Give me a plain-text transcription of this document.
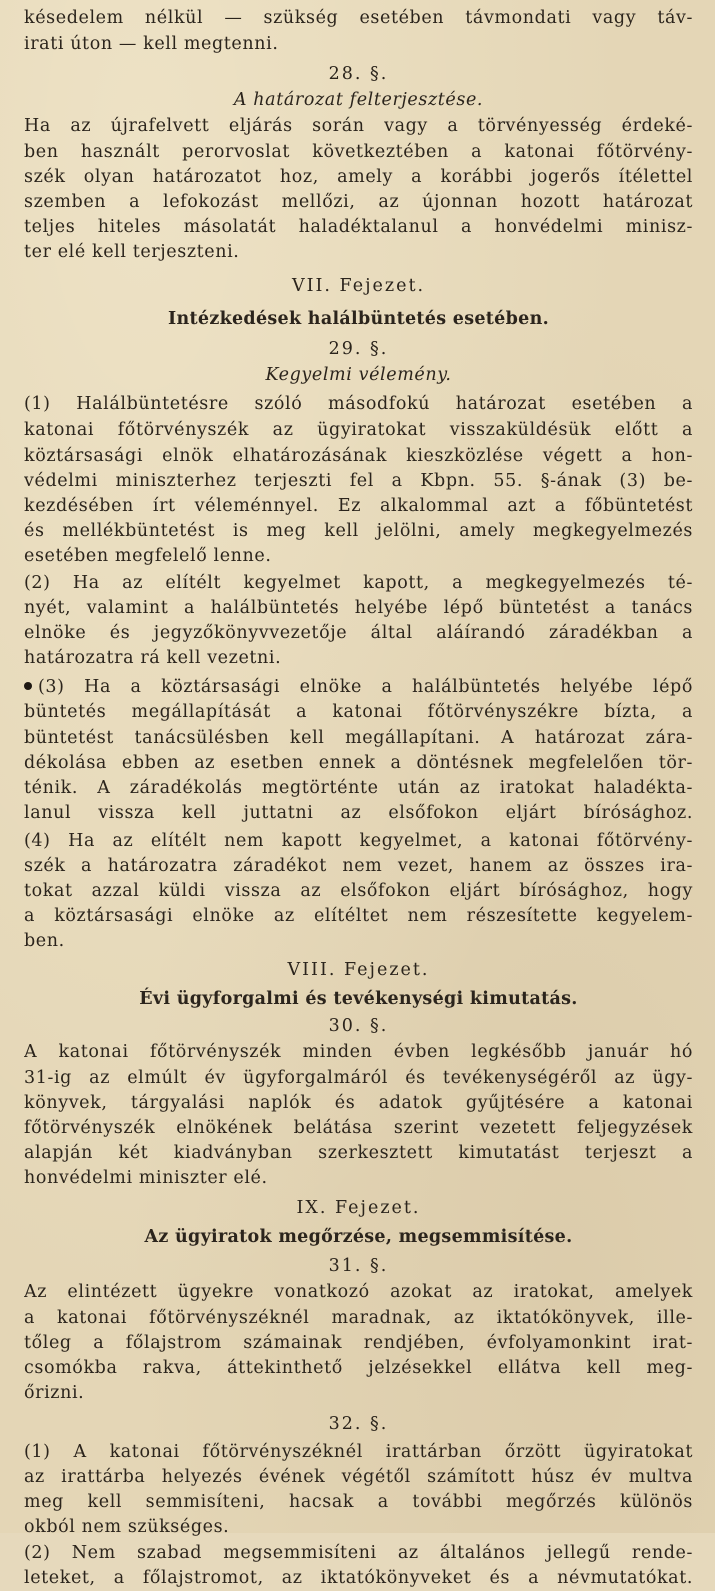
késedelem nélkül — szükség esetében távmondati vagy táv-
irati úton — kell megtenni.
28. §.
A határozat felterjesztése.
Ha az újrafelvett eljárás során vagy a törvényesség érdeké-
ben használt perorvoslat következtében a katonai főtörvény-
szék olyan határozatot hoz, amely a korábbi jogerős ítélettel
szemben a lefokozást mellőzi, az újonnan hozott határozat
teljes hiteles másolatát haladéktalanul a honvédelmi minisz-
ter elé kell terjeszteni.
VII. Fejezet.
Intézkedések halálbüntetés esetében.
29. §.
Kegyelmi vélemény.
(1) Halálbüntetésre szóló másodfokú határozat esetében a
katonai főtörvényszék az ügyiratokat visszaküldésük előtt a
köztársasági elnök elhatározásának kieszközlése végett a hon-
védelmi miniszterhez terjeszti fel a Kbpn. 55. §-ának (3) be-
kezdésében írt véleménnyel. Ez alkalommal azt a főbüntetést
és mellékbüntetést is meg kell jelölni, amely megkegyelmezés
esetében megfelelő lenne.
(2) Ha az elítélt kegyelmet kapott, a megkegyelmezés té-
nyét, valamint a halálbüntetés helyébe lépő büntetést a tanács
elnöke és jegyzőkönyvvezetője által aláírandó záradékban a
határozatra rá kell vezetni.
(3) Ha a köztársasági elnöke a halálbüntetés helyébe lépő
büntetés megállapítását a katonai főtörvényszékre bízta, a
büntetést tanácsülésben kell megállapítani. A határozat zára-
dékolása ebben az esetben ennek a döntésnek megfelelően tör-
ténik. A záradékolás megtörténte után az iratokat haladékta-
lanul vissza kell juttatni az elsőfokon eljárt bírósághoz.
(4) Ha az elítélt nem kapott kegyelmet, a katonai főtörvény-
szék a határozatra záradékot nem vezet, hanem az összes ira-
tokat azzal küldi vissza az elsőfokon eljárt bírósághoz, hogy
a köztársasági elnöke az elítéltet nem részesítette kegyelem-
ben.
VIII. Fejezet.
Évi ügyforgalmi és tevékenységi kimutatás.
30. §.
A katonai főtörvényszék minden évben legkésőbb január hó
31-ig az elmúlt év ügyforgalmáról és tevékenységéről az ügy-
könyvek, tárgyalási naplók és adatok gyűjtésére a katonai
főtörvényszék elnökének belátása szerint vezetett feljegyzések
alapján két kiadványban szerkesztett kimutatást terjeszt a
honvédelmi miniszter elé.
IX. Fejezet.
Az ügyiratok megőrzése, megsemmisítése.
31. §.
Az elintézett ügyekre vonatkozó azokat az iratokat, amelyek
a katonai főtörvényszéknél maradnak, az iktatókönyvek, ille-
tőleg a főlajstrom számainak rendjében, évfolyamonkint irat-
csomókba rakva, áttekinthető jelzésekkel ellátva kell meg-
őrizni.
32. §.
(1) A katonai főtörvényszéknél irattárban őrzött ügyiratokat
az irattárba helyezés évének végétől számított húsz év multva
meg kell semmisíteni, hacsak a további megőrzés különös
okból nem szükséges.
(2) Nem szabad megsemmisíteni az általános jellegű rende-
leteket, a főlajstromot, az iktatókönyveket és a névmutatókat.
